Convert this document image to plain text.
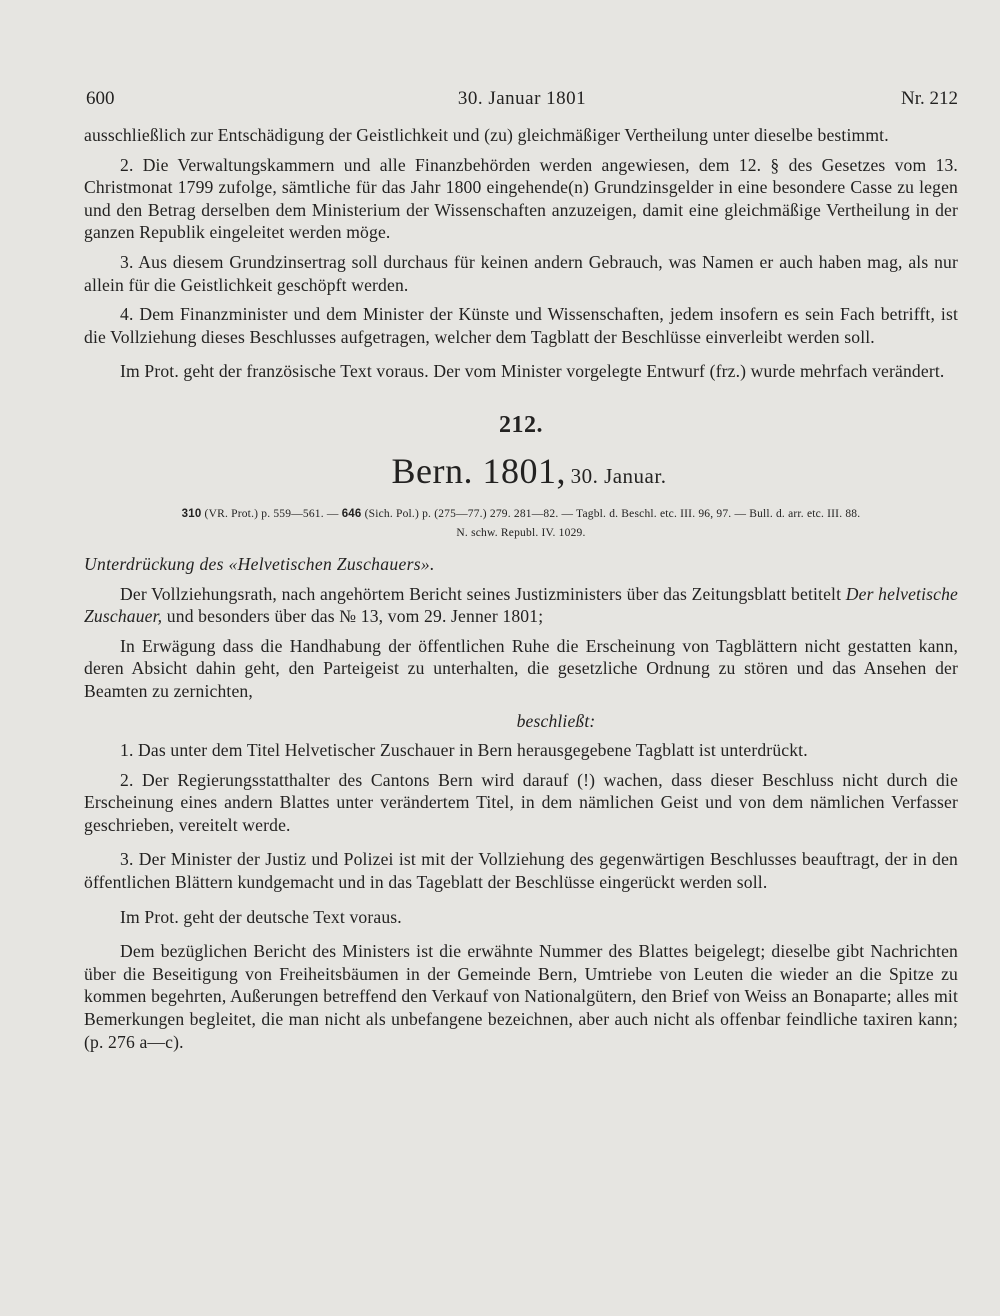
600	30. Januar 1801	Nr. 212

ausschließlich zur Entschädigung der Geistlichkeit und (zu) gleichmäßiger Vertheilung unter dieselbe bestimmt.

2. Die Verwaltungskammern und alle Finanzbehörden werden angewiesen, dem 12. § des Gesetzes vom 13. Christmonat 1799 zufolge, sämtliche für das Jahr 1800 eingehende(n) Grundzinsgelder in eine besondere Casse zu legen und den Betrag derselben dem Ministerium der Wissenschaften anzuzeigen, damit eine gleichmäßige Vertheilung in der ganzen Republik eingeleitet werden möge.

3. Aus diesem Grundzinsertrag soll durchaus für keinen andern Gebrauch, was Namen er auch haben mag, als nur allein für die Geistlichkeit geschöpft werden.

4. Dem Finanzminister und dem Minister der Künste und Wissenschaften, jedem insofern es sein Fach betrifft, ist die Vollziehung dieses Beschlusses aufgetragen, welcher dem Tagblatt der Beschlüsse einverleibt werden soll.

Im Prot. geht der französische Text voraus. Der vom Minister vorgelegte Entwurf (frz.) wurde mehrfach verändert.

212.

Bern. 1801, 30. Januar.

310 (VR. Prot.) p. 559—561. — 646 (Sich. Pol.) p. (275—77.) 279. 281—82. — Tagbl. d. Beschl. etc. III. 96, 97. — Bull. d. arr. etc. III. 88.
N. schw. Republ. IV. 1029.

Unterdrückung des «Helvetischen Zuschauers».

Der Vollziehungsrath, nach angehörtem Bericht seines Justizministers über das Zeitungsblatt betitelt Der helvetische Zuschauer, und besonders über das № 13, vom 29. Jenner 1801;

In Erwägung dass die Handhabung der öffentlichen Ruhe die Erscheinung von Tagblättern nicht gestatten kann, deren Absicht dahin geht, den Parteigeist zu unterhalten, die gesetzliche Ordnung zu stören und das Ansehen der Beamten zu zernichten,

beschließt:

1. Das unter dem Titel Helvetischer Zuschauer in Bern herausgegebene Tagblatt ist unterdrückt.

2. Der Regierungsstatthalter des Cantons Bern wird darauf (!) wachen, dass dieser Beschluss nicht durch die Erscheinung eines andern Blattes unter verändertem Titel, in dem nämlichen Geist und von dem nämlichen Verfasser geschrieben, vereitelt werde.

3. Der Minister der Justiz und Polizei ist mit der Vollziehung des gegenwärtigen Beschlusses beauftragt, der in den öffentlichen Blättern kundgemacht und in das Tageblatt der Beschlüsse eingerückt werden soll.

Im Prot. geht der deutsche Text voraus.

Dem bezüglichen Bericht des Ministers ist die erwähnte Nummer des Blattes beigelegt; dieselbe gibt Nachrichten über die Beseitigung von Freiheitsbäumen in der Gemeinde Bern, Umtriebe von Leuten die wieder an die Spitze zu kommen begehrten, Außerungen betreffend den Verkauf von Nationalgütern, den Brief von Weiss an Bonaparte; alles mit Bemerkungen begleitet, die man nicht als unbefangene bezeichnen, aber auch nicht als offenbar feindliche taxiren kann; (p. 276 a—c).
